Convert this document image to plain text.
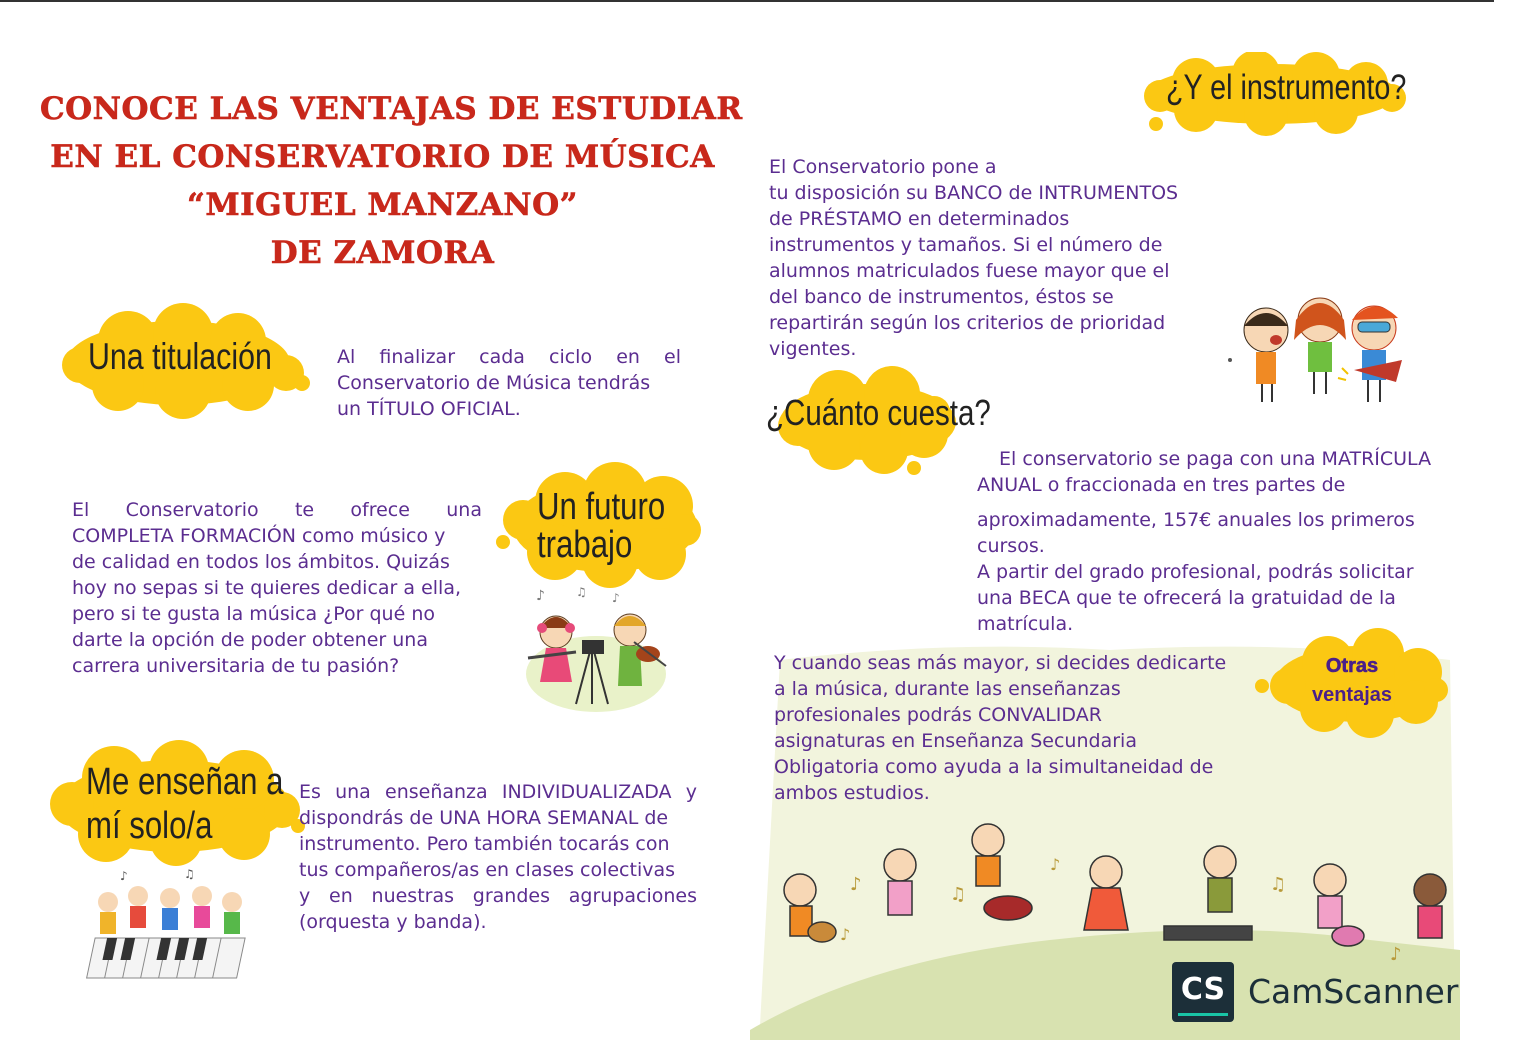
CONOCE LAS VENTAJAS DE ESTUDIAR
EN EL CONSERVATORIO DE MÚSICA
“MIGUEL MANZANO”
DE ZAMORA
Una titulación	Al finalizar cada ciclo en el
Conservatorio de Música tendrás
un TÍTULO OFICIAL.
Un futuro
trabajo
El Conservatorio te ofrece una
COMPLETA FORMACIÓN como músico y
de calidad en todos los ámbitos. Quizás
hoy no sepas si te quieres dedicar a ella,
pero si te gusta la música ¿Por qué no
darte la opción de poder obtener una
carrera universitaria de tu pasión?
♪	♫ ♪
Me enseñan a
mí solo/a
Es una enseñanza INDIVIDUALIZADA y
dispondrás de UNA HORA SEMANAL de
instrumento. Pero también tocarás con
tus compañeros/as en clases colectivas
y en nuestras grandes agrupaciones
(orquesta y banda).
♪	♫
¿Y el instrumento?
El Conservatorio pone a
tu disposición su BANCO de INTRUMENTOS
de PRÉSTAMO en determinados
instrumentos y tamaños. Si el número de
alumnos matriculados fuese mayor que el
del banco de instrumentos, éstos se
repartirán según los criterios de prioridad
vigentes.
¿Cuánto cuesta?
El conservatorio se paga con una MATRÍCULA
ANUAL o fraccionada en tres partes de
aproximadamente, 157€ anuales los primeros
cursos.
A partir del grado profesional, podrás solicitar
una BECA que te ofrecerá la gratuidad de la
matrícula.
♪	♫
♪
♫
♪
♪
Y cuando seas más mayor, si decides dedicarte
a la música, durante las enseñanzas
profesionales podrás CONVALIDAR
asignaturas en Enseñanza Secundaria
Obligatoria como ayuda a la simultaneidad de
ambos estudios.
Otras
ventajas
CS CamScanner
